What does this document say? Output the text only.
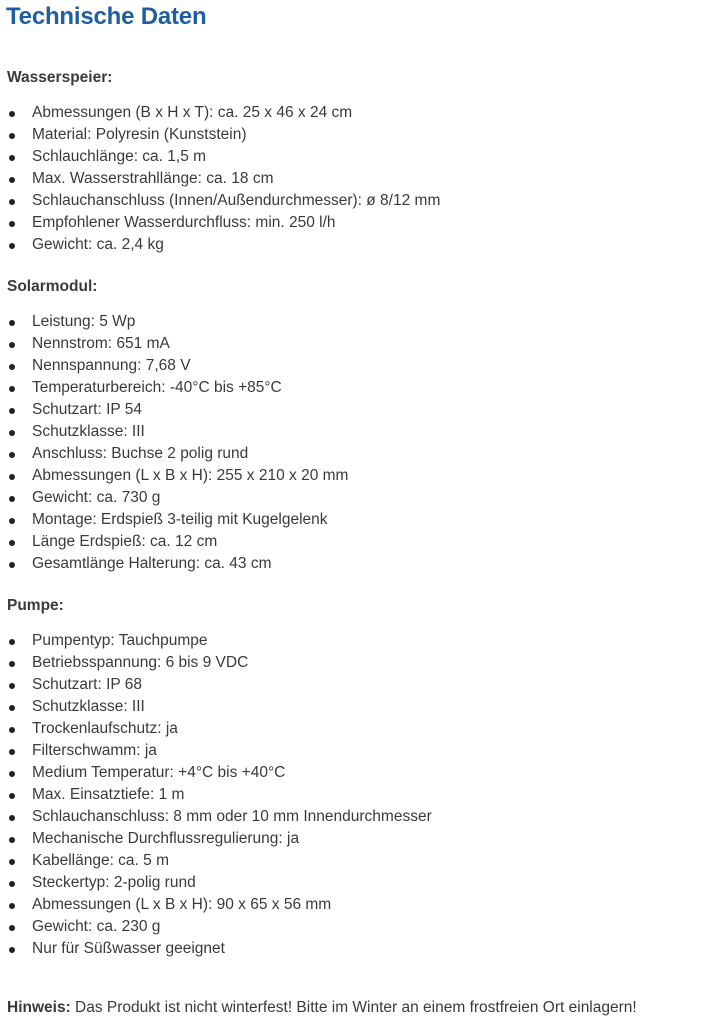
Technische Daten

Wasserspeier:

Abmessungen (B x H x T): ca. 25 x 46 x 24 cm
Material: Polyresin (Kunststein)
Schlauchlänge: ca. 1,5 m
Max. Wasserstrahllänge: ca. 18 cm
Schlauchanschluss (Innen/Außendurchmesser): ø 8/12 mm
Empfohlener Wasserdurchfluss: min. 250 l/h
Gewicht: ca. 2,4 kg

Solarmodul:

Leistung: 5 Wp
Nennstrom: 651 mA
Nennspannung: 7,68 V
Temperaturbereich: -40°C bis +85°C
Schutzart: IP 54
Schutzklasse: III
Anschluss: Buchse 2 polig rund
Abmessungen (L x B x H): 255 x 210 x 20 mm
Gewicht: ca. 730 g
Montage: Erdspieß 3-teilig mit Kugelgelenk
Länge Erdspieß: ca. 12 cm
Gesamtlänge Halterung: ca. 43 cm

Pumpe:

Pumpentyp: Tauchpumpe
Betriebsspannung: 6 bis 9 VDC
Schutzart: IP 68
Schutzklasse: III
Trockenlaufschutz: ja
Filterschwamm: ja
Medium Temperatur: +4°C bis +40°C
Max. Einsatztiefe: 1 m
Schlauchanschluss: 8 mm oder 10 mm Innendurchmesser
Mechanische Durchflussregulierung: ja
Kabellänge: ca. 5 m
Steckertyp: 2-polig rund
Abmessungen (L x B x H): 90 x 65 x 56 mm
Gewicht: ca. 230 g
Nur für Süßwasser geeignet

Hinweis: Das Produkt ist nicht winterfest! Bitte im Winter an einem frostfreien Ort einlagern!
